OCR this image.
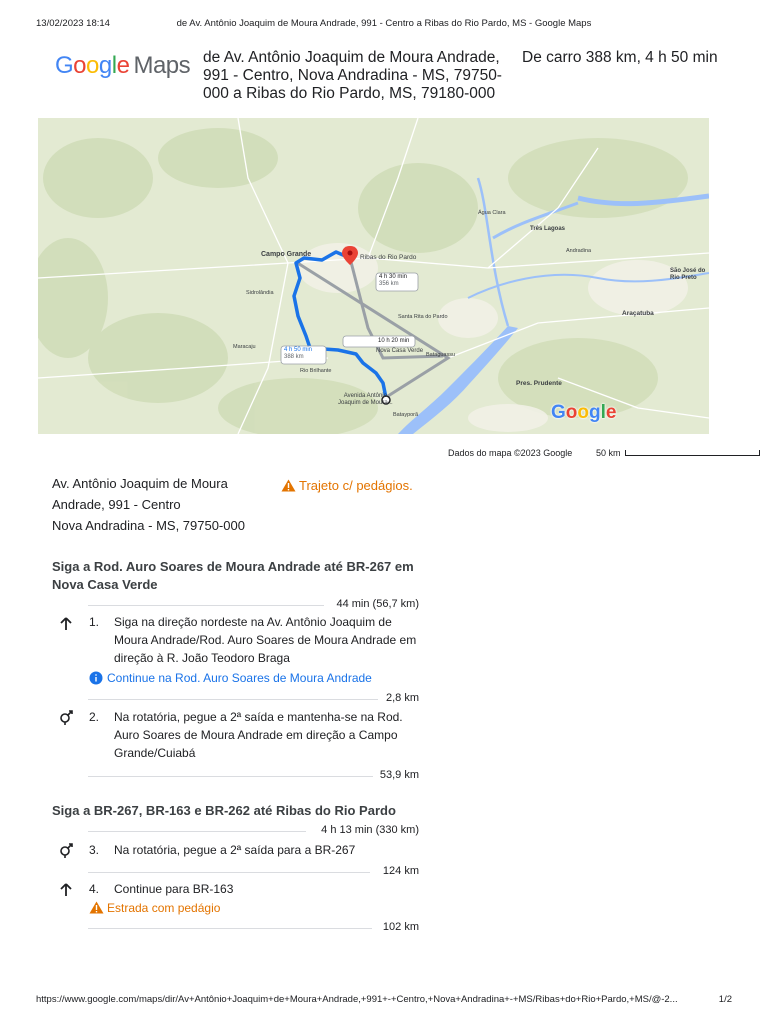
13/02/2023 18:14	de Av. Antônio Joaquim de Moura Andrade, 991 - Centro a Ribas do Rio Pardo, MS - Google Maps
Google Maps de Av. Antônio Joaquim de Moura Andrade, 991 - Centro, Nova Andradina - MS, 79750-000 a Ribas do Rio Pardo, MS, 79180-000
De carro 388 km, 4 h 50 min
Campo Grande	Ribas do Rio Pardo
Nova Casa Verde
Avenida Antônio
Joaquim de Moura...
Araçatuba
Pres. Prudente
São José do Rio Preto
Santa Rita do Pardo
Bataguassu
Sidrolândia
Maracaju
Rio Brilhante
Batayporã
Água Clara
Três Lagoas
Andradina
4 h 50 min
388 km
4 h 30 min
356 km
10 h 20 min
Google
Dados do mapa ©2023 Google	50 km
Av. Antônio Joaquim de Moura
Andrade, 991 - Centro
Nova Andradina - MS, 79750-000
Trajeto c/ pedágios.
Siga a Rod. Auro Soares de Moura Andrade até BR-267 em Nova Casa Verde
44 min (56,7 km)
1. Siga na direção nordeste na Av. Antônio Joaquim de Moura Andrade/Rod. Auro Soares de Moura Andrade em direção à R. João Teodoro Braga
Continue na Rod. Auro Soares de Moura Andrade
2,8 km
2. Na rotatória, pegue a 2ª saída e mantenha-se na Rod. Auro Soares de Moura Andrade em direção a Campo Grande/Cuiabá
53,9 km
Siga a BR-267, BR-163 e BR-262 até Ribas do Rio Pardo
4 h 13 min (330 km)
3. Na rotatória, pegue a 2ª saída para a BR-267
124 km
4. Continue para BR-163
Estrada com pedágio
102 km
https://www.google.com/maps/dir/Av+Antônio+Joaquim+de+Moura+Andrade,+991+-+Centro,+Nova+Andradina+-+MS/Ribas+do+Rio+Pardo,+MS/@-2...	1/2
